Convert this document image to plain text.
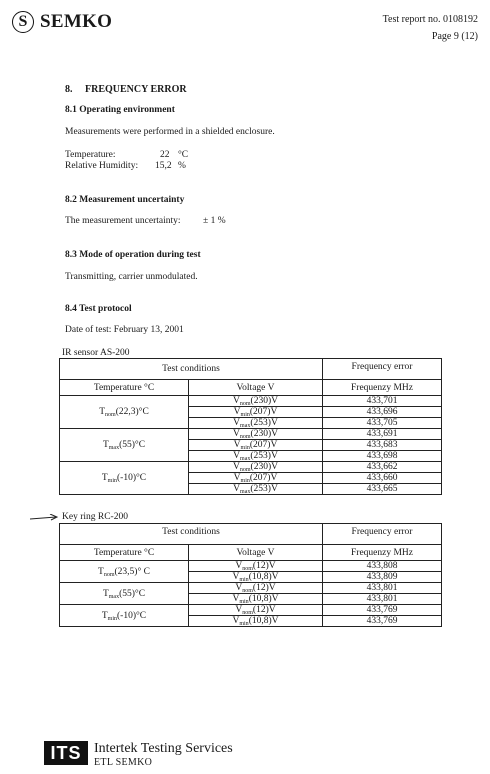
S SEMKO	Test report no. 0108192
Page 9 (12)
8.     FREQUENCY ERROR
8.1 Operating environment
Measurements were performed in a shielded enclosure.
Temperature:	22 °C
Relative Humidity: 15,2 %
8.2 Measurement uncertainty
The measurement uncertainty: ± 1 %
8.3 Mode of operation during test
Transmitting, carrier unmodulated.
8.4 Test protocol
Date of test: February 13, 2001
IR sensor AS-200
Test conditions		Frequency error
Temperature °C	Voltage V	Frequenzy MHz
$T_{nom}(22,3)^\circ C$	$V_{nom}(230)V$	433,701
	$V_{min}(207)V$	433,696
	$V_{max}(253)V$	433,705
$T_{max}(55)^\circ C$	$V_{nom}(230)V$	433,691
	$V_{min}(207)V$	433,683
	$V_{max}(253)V$	433,698
$T_{min}(-10)^\circ C$	$V_{nom}(230)V$	433,662
	$V_{min}(207)V$	433,660
	$V_{max}(253)V$	433,665
Key ring RC-200
Test conditions		Frequency error
Temperature °C	Voltage V	Frequenzy MHz
$T_{nom}(23,5)^\circ$ C	$V_{nom}(12)V$	433,808
	$V_{min}(10,8)V$	433,809
$T_{max}(55)^\circ C$	$V_{nom}(12)V$	433,801
	$V_{min}(10,8)V$	433,801
$T_{min}(-10)^\circ C$	$V_{nom}(12)V$	433,769
	$V_{min}(10,8)V$	433,769
ITS Intertek Testing Services
ETL SEMKO
